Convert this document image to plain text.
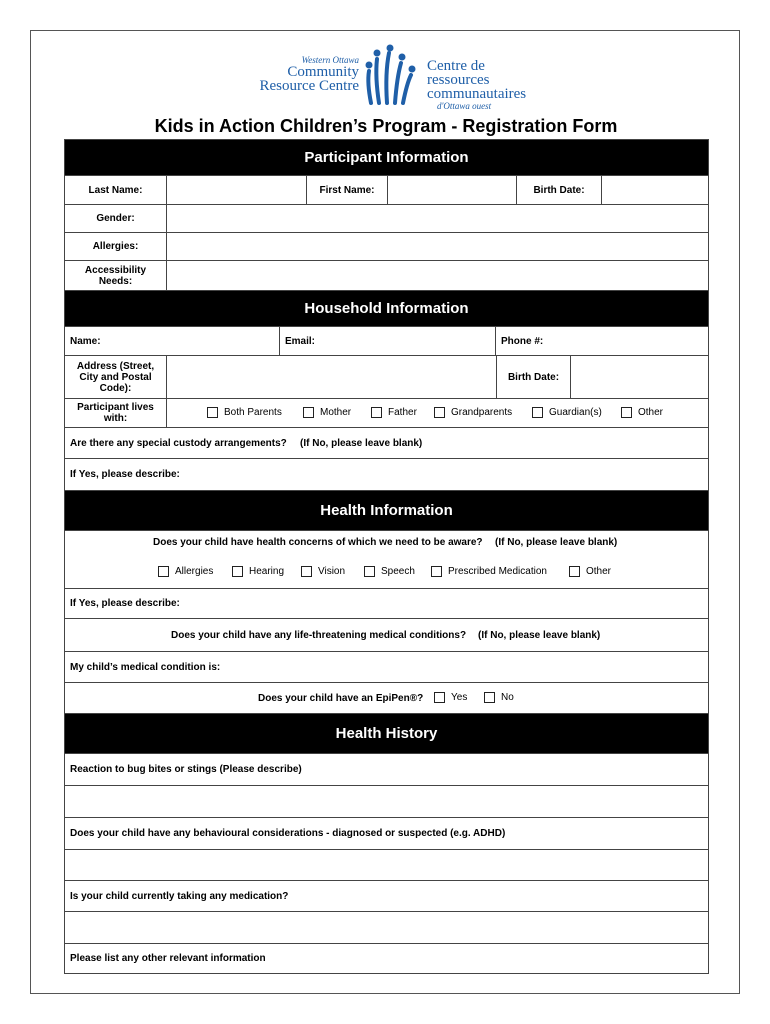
Western Ottawa
Community
Resource Centre
Centre de ressources
communautaires
d'Ottawa ouest
Kids in Action Children’s Program - Registration Form
Participant Information
Last Name:	First Name:	Birth Date:
Gender:
Allergies:
Accessibility Needs:
Household Information
Name:	Email:	Phone #:
Address (Street, City and Postal Code):
Birth Date:
Participant lives with:
Both Parents	Mother	Father	Grandparents	Guardian(s)	Other
Are there any special custody arrangements? (If No, please leave blank)
If Yes, please describe:
Health Information
Does your child have health concerns of which we need to be aware? (If No, please leave blank)
Allergies	Hearing	Vision	Speech	Prescribed Medication	Other
If Yes, please describe:
Does your child have any life-threatening medical conditions? (If No, please leave blank)
My child’s medical condition is:
Does your child have an EpiPen®?	Yes	No
Health History
Reaction to bug bites or stings (Please describe)
Does your child have any behavioural considerations - diagnosed or suspected (e.g. ADHD)
Is your child currently taking any medication?
Please list any other relevant information
